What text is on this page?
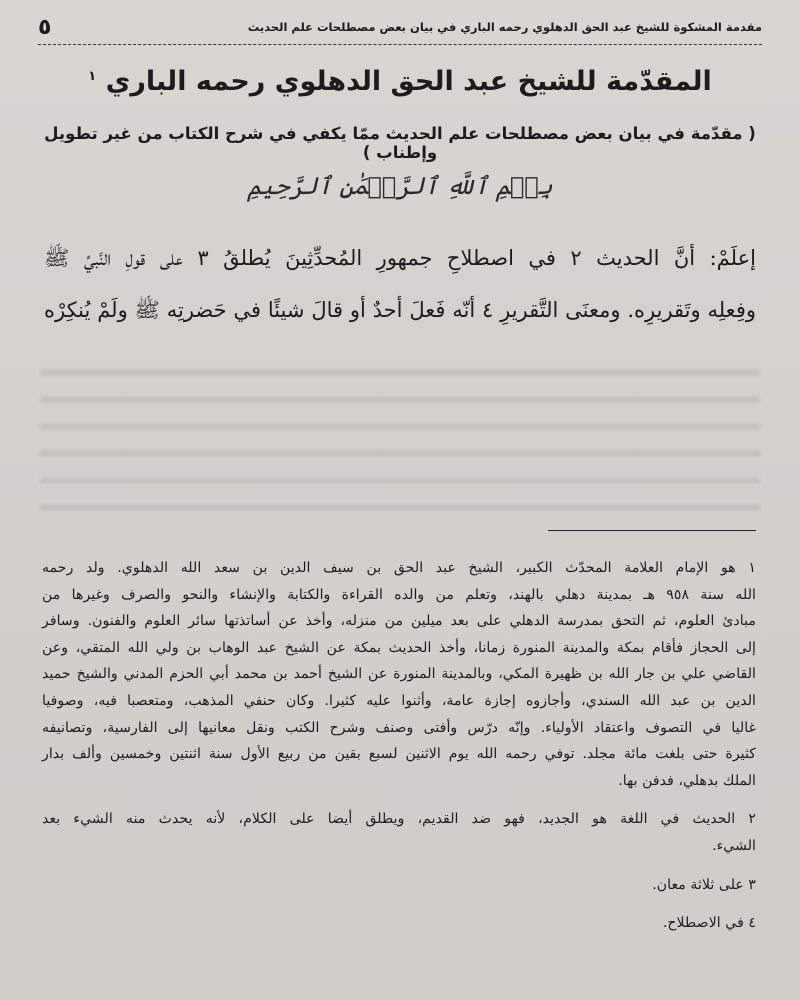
٥	مقدمة المشكوة للشيخ عبد الحق الدهلوي رحمه الباري في بيان بعض مصطلحات علم الحديث
المقدّمة للشيخ عبد الحق الدهلوي رحمه الباري $^١$
( مقدّمة في بيان بعض مصطلحات علم الحديث ممّا يكفي في شرح الكتاب من غير تطويل وإطناب )
بِسۡمِ ٱللَّهِ ٱلرَّحۡمَٰنِ ٱلرَّحِيمِ
إعلَمْ: أنَّ الحديث ٢ في اصطلاحِ جمهورِ المُحدِّثِينَ يُطلقُ ٣ على قولِ النَّبيِّ ﷺ
وفِعلِه وتَقريرِه. ومعنَى التَّقريرِ ٤ أنّه فَعلَ أحدٌ أو قالَ شيئًا في حَضرتِه ﷺ ولَمْ يُنكِرْه
١ هو الإمام العلامة المحدّث الكبير، الشيخ عبد الحق بن سيف الدين بن سعد الله الدهلوي. ولد رحمه
الله سنة ٩٥٨ هـ بمدينة دهلي بالهند، وتعلم من والده القراءة والكتابة والإنشاء والنحو والصرف وغيرها من
مبادئ العلوم، ثم التحق بمدرسة الدهلي على بعد ميلين من منزله، وأخذ عن أساتذتها سائر العلوم والفنون. وسافر
إلى الحجاز فأقام بمكة والمدينة المنورة زمانا، وأخذ الحديث بمكة عن الشيخ عبد الوهاب بن ولي الله المتقي، وعن
القاضي علي بن جار الله بن ظهيرة المكي، وبالمدينة المنورة عن الشيخ أحمد بن محمد أبي الحزم المدني والشيخ حميد
الدين بن عبد الله السندي، وأجازوه إجازة عامة، وأثنوا عليه كثيرا. وكان حنفي المذهب، ومتعصبا فيه، وصوفيا
غاليا في التصوف واعتقاد الأولياء. وإنّه درّس وأفتى وصنف وشرح الكتب ونقل معانيها إلى الفارسية، وتصانيفه
كثيرة حتى بلغت مائة مجلد. توفي رحمه الله يوم الاثنين لسبع بقين من ربيع الأول سنة اثنتين وخمسين وألف بدار
الملك بدهلي، فدفن بها.
٢ الحديث في اللغة هو الجديد، فهو ضد القديم، ويطلق أيضا على الكلام، لأنه يحدث منه الشيء بعد
الشيء.
٣ على ثلاثة معان.
٤ في الاصطلاح.
